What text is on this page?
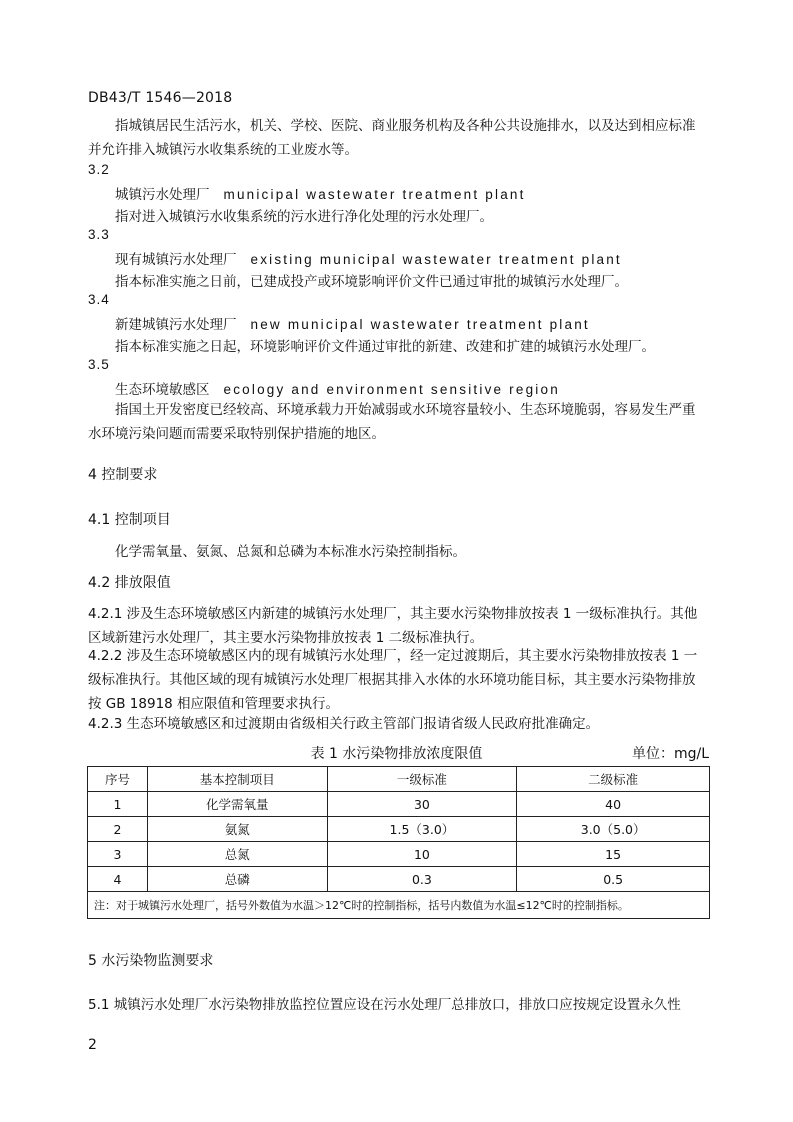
DB43/T 1546—2018
指城镇居民生活污水，机关、学校、医院、商业服务机构及各种公共设施排水，以及达到相应标准并允许排入城镇污水收集系统的工业废水等。
3.2
城镇污水处理厂 municipal wastewater treatment plant
指对进入城镇污水收集系统的污水进行净化处理的污水处理厂。
3.3
现有城镇污水处理厂 existing municipal wastewater treatment plant
指本标准实施之日前，已建成投产或环境影响评价文件已通过审批的城镇污水处理厂。
3.4
新建城镇污水处理厂 new municipal wastewater treatment plant
指本标准实施之日起，环境影响评价文件通过审批的新建、改建和扩建的城镇污水处理厂。
3.5
生态环境敏感区 ecology and environment sensitive region
指国土开发密度已经较高、环境承载力开始减弱或水环境容量较小、生态环境脆弱，容易发生严重水环境污染问题而需要采取特别保护措施的地区。
4 控制要求
4.1 控制项目
化学需氧量、氨氮、总氮和总磷为本标准水污染控制指标。
4.2 排放限值
4.2.1 涉及生态环境敏感区内新建的城镇污水处理厂，其主要水污染物排放按表 1 一级标准执行。其他区域新建污水处理厂，其主要水污染物排放按表 1 二级标准执行。
4.2.2 涉及生态环境敏感区内的现有城镇污水处理厂，经一定过渡期后，其主要水污染物排放按表 1 一级标准执行。其他区域的现有城镇污水处理厂根据其排入水体的水环境功能目标，其主要水污染物排放按 GB 18918 相应限值和管理要求执行。
4.2.3 生态环境敏感区和过渡期由省级相关行政主管部门报请省级人民政府批准确定。
表 1 水污染物排放浓度限值	单位：mg/L
序号	基本控制项目	一级标准	二级标准
1	化学需氧量	30	40
2	氨氮	1.5（3.0）	3.0（5.0）
3	总氮	10	15
4	总磷	0.3	0.5
注：对于城镇污水处理厂，括号外数值为水温＞12℃时的控制指标，括号内数值为水温≤12℃时的控制指标。			
5 水污染物监测要求
5.1 城镇污水处理厂水污染物排放监控位置应设在污水处理厂总排放口，排放口应按规定设置永久性
2
